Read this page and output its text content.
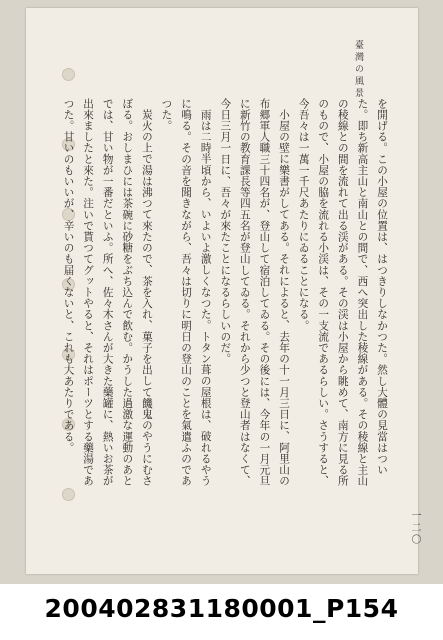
臺灣の風景

を開げる。この小屋の位置は、はつきりしなかつた。然し大體の見當はついた。即ち新高主山と南山との間で、西へ突出した稜線がある。その稜線と主山の稜線との間を流れて出る渓がある。その渓は小屋から眺めて、南方に見る所のもので、小屋の脇を流れる小渓は、その一支流であるらしい。さうすると、今吾々は一萬一千尺あたりにゐることになる。

小屋の壁に樂書がしてある。それによると、去年の十一月三日に、阿里山の布郷軍人職三十四名が、登山して宿泊してゐる。その後には、今年の一月元旦に新竹の教育課長等四五名が登山してゐる。それから少つと登山者はなくて、今日三月一日に、吾々が來たことになるらしいのだ。

雨は二時半頃から、いよいよ激しくなつた。トタン葺の屋根は、破れるやうに鳴る。その音を聞きながら、吾々は切りに明日の登山のことを氣遣ふのであつた。

炭火の上で湯は沸つて來たので、茶を入れ、菓子を出して饑鬼のやうにむさぼる。おしまひには茶碗に砂糖をぶち込んで飲む。かうした過激な運動のあとでは、甘い物が一番だといふ。所へ、佐々木さんが大きた藥罐に、熱いお茶が出來ましたと來た。注いで貰つてグットやると、それはポーツとする藥湯であつた。甘いのもいいが、辛いのも届くないと、これも大あたりである。

一二〇
200402831180001_P154
